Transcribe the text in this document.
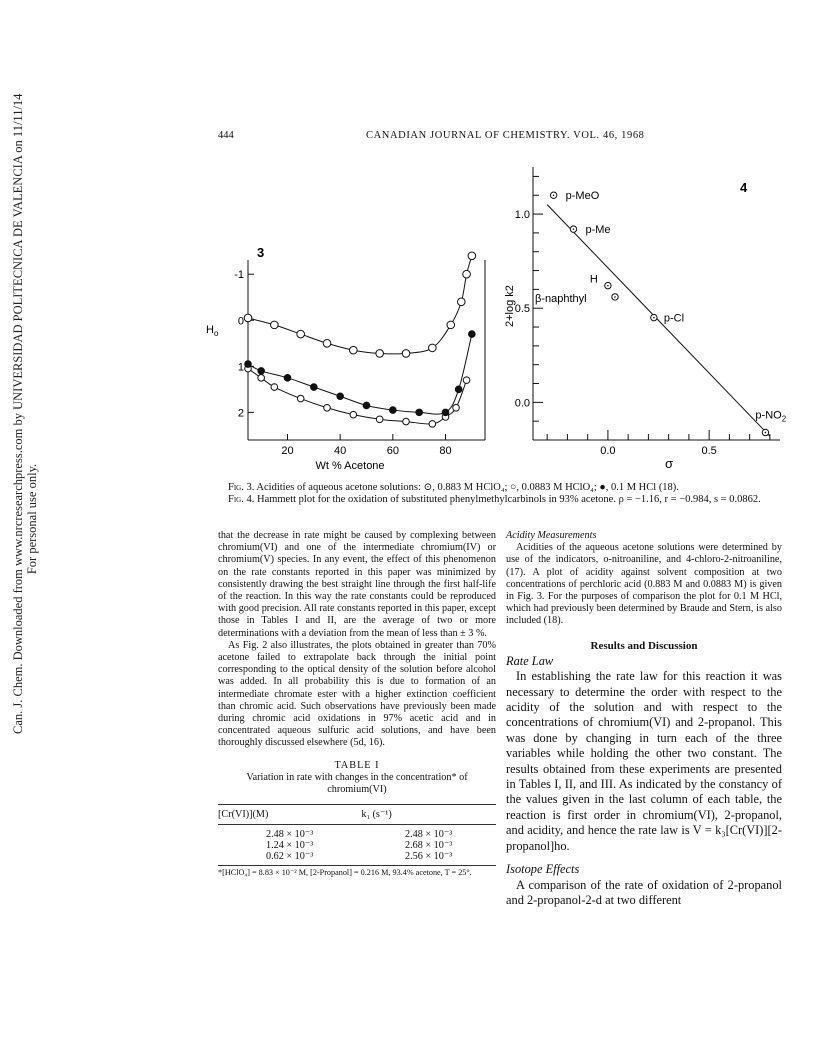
Can. J. Chem. Downloaded from www.nrcresearchpress.com by UNIVERSIDAD POLITECNICA DE VALENCIA on 11/11/14 For personal use only.
444	CANADIAN JOURNAL OF CHEMISTRY. VOL. 46, 1968
20	40	60	80
-1
0
1
2
3
$H_o$
Wt % Acetone
p-MeO
p-Me
H
β-naphthyl
p-Cl
$p-NO_2$
0.0	0.5
1.0
0.5
0.0
4
2+log k2
σ

Fig. 3. Acidities of aqueous acetone solutions: ⊙, 0.883 M HClO₄; ○, 0.0883 M HClO₄; ●, 0.1 M HCl (18).

Fig. 4. Hammett plot for the oxidation of substituted phenylmethylcarbinols in 93% acetone. ρ = −1.16, r = −0.984, s = 0.0862.

that the decrease in rate might be caused by complexing between chromium(VI) and one of the intermediate chromium(IV) or chromium(V) species. In any event, the effect of this phenomenon on the rate constants reported in this paper was minimized by consistently drawing the best straight line through the first half-life of the reaction. In this way the rate constants could be reproduced with good precision. All rate constants reported in this paper, except those in Tables I and II, are the average of two or more determinations with a deviation from the mean of less than ± 3 %.

As Fig. 2 also illustrates, the plots obtained in greater than 70% acetone failed to extrapolate back through the initial point corresponding to the optical density of the solution before alcohol was added. In all probability this is due to formation of an intermediate chromate ester with a higher extinction coefficient than chromic acid. Such observations have previously been made during chromic acid oxidations in 97% acetic acid and in concentrated aqueous sulfuric acid solutions, and have been thoroughly discussed elsewhere (5d, 16).

TABLE I
Variation in rate with changes in the concentration* of chromium(VI)
[Cr(VI)](M)	k₁ (s⁻¹)
2.48 × 10⁻³	2.48 × 10⁻³
1.24 × 10⁻³	2.68 × 10⁻³
0.62 × 10⁻³	2.56 × 10⁻³
*[HClO₄] = 8.83 × 10⁻² M, [2-Propanol] = 0.216 M, 93.4% acetone, T = 25°.

Acidity Measurements

Acidities of the aqueous acetone solutions were determined by use of the indicators, o-nitroaniline, and 4-chloro-2-nitroaniline, (17). A plot of acidity against solvent composition at two concentrations of perchloric acid (0.883 M and 0.0883 M) is given in Fig. 3. For the purposes of comparison the plot for 0.1 M HCl, which had previously been determined by Braude and Stern, is also included (18).

Results and Discussion

Rate Law

In establishing the rate law for this reaction it was necessary to determine the order with respect to the acidity of the solution and with respect to the concentrations of chromium(VI) and 2-propanol. This was done by changing in turn each of the three variables while holding the other two constant. The results obtained from these experiments are presented in Tables I, II, and III. As indicated by the constancy of the values given in the last column of each table, the reaction is first order in chromium(VI), 2-propanol, and acidity, and hence the rate law is V = k₃[Cr(VI)][2-propanol]ho.

Isotope Effects

A comparison of the rate of oxidation of 2-propanol and 2-propanol-2-d at two different
